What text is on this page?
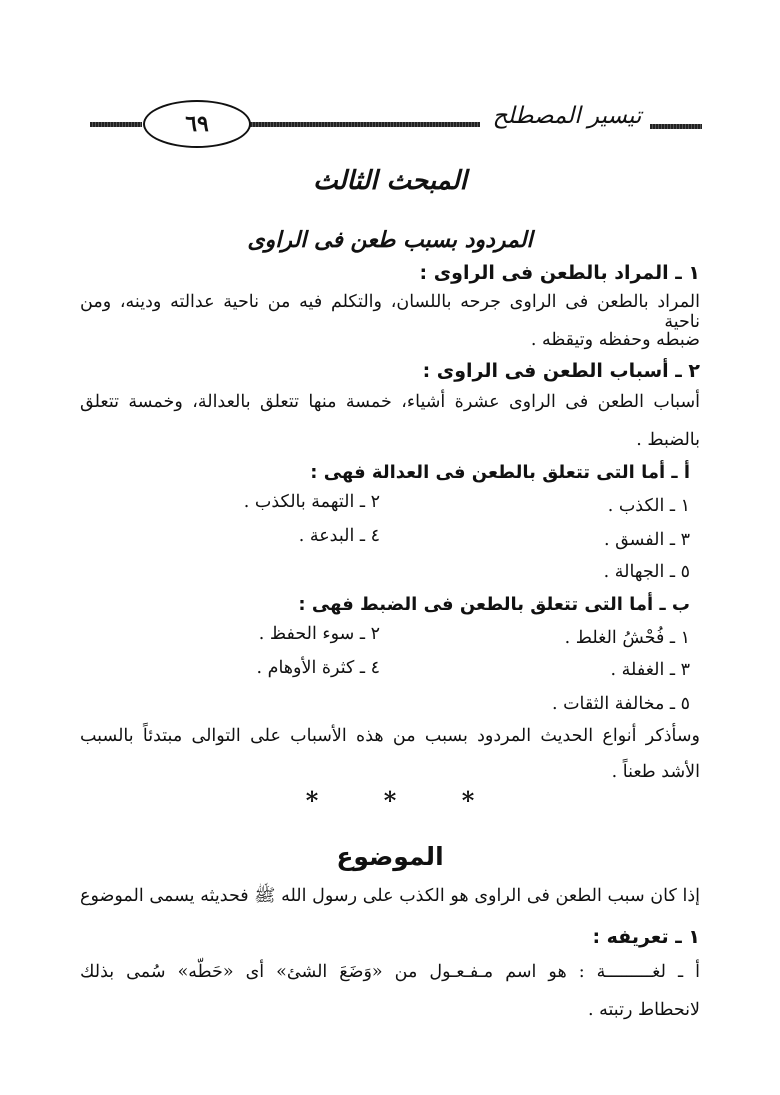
تيسير المصطلح
٦٩
المبحث الثالث
المردود بسبب طعن فى الراوى
١ ـ المراد بالطعن فى الراوى :
المراد بالطعن فى الراوى جرحه باللسان، والتكلم فيه من ناحية عدالته ودينه، ومن ناحية
ضبطه وحفظه وتيقظه .
٢ ـ أسباب الطعن فى الراوى :
أسباب الطعن فى الراوى عشرة أشياء، خمسة منها تتعلق بالعدالة، وخمسة تتعلق
بالضبط .
أ ـ أما التى تتعلق بالطعن فى العدالة فهى :
١ ـ الكذب .
٢ ـ التهمة بالكذب .
٣ ـ الفسق .
٤ ـ البدعة .
٥ ـ الجهالة .
ب ـ أما التى تتعلق بالطعن فى الضبط فهى :
١ ـ فُحْشُ الغلط .
٢ ـ سوء الحفظ .
٣ ـ الغفلة .
٤ ـ كثرة الأوهام .
٥ ـ مخالفة الثقات .
وسأذكر أنواع الحديث المردود بسبب من هذه الأسباب على التوالى مبتدئاً بالسبب
الأشد طعناً .
*
*
*
الموضوع
إذا كان سبب الطعن فى الراوى هو الكذب على رسول الله ﷺ فحديثه يسمى الموضوع
١ ـ تعريفه :
أ ـ لغـــــــــة : هو اسم مـفـعـول من «وَضَعَ الشئ» أى «حَطّه» سُمى بذلك
لانحطاط رتبته .
